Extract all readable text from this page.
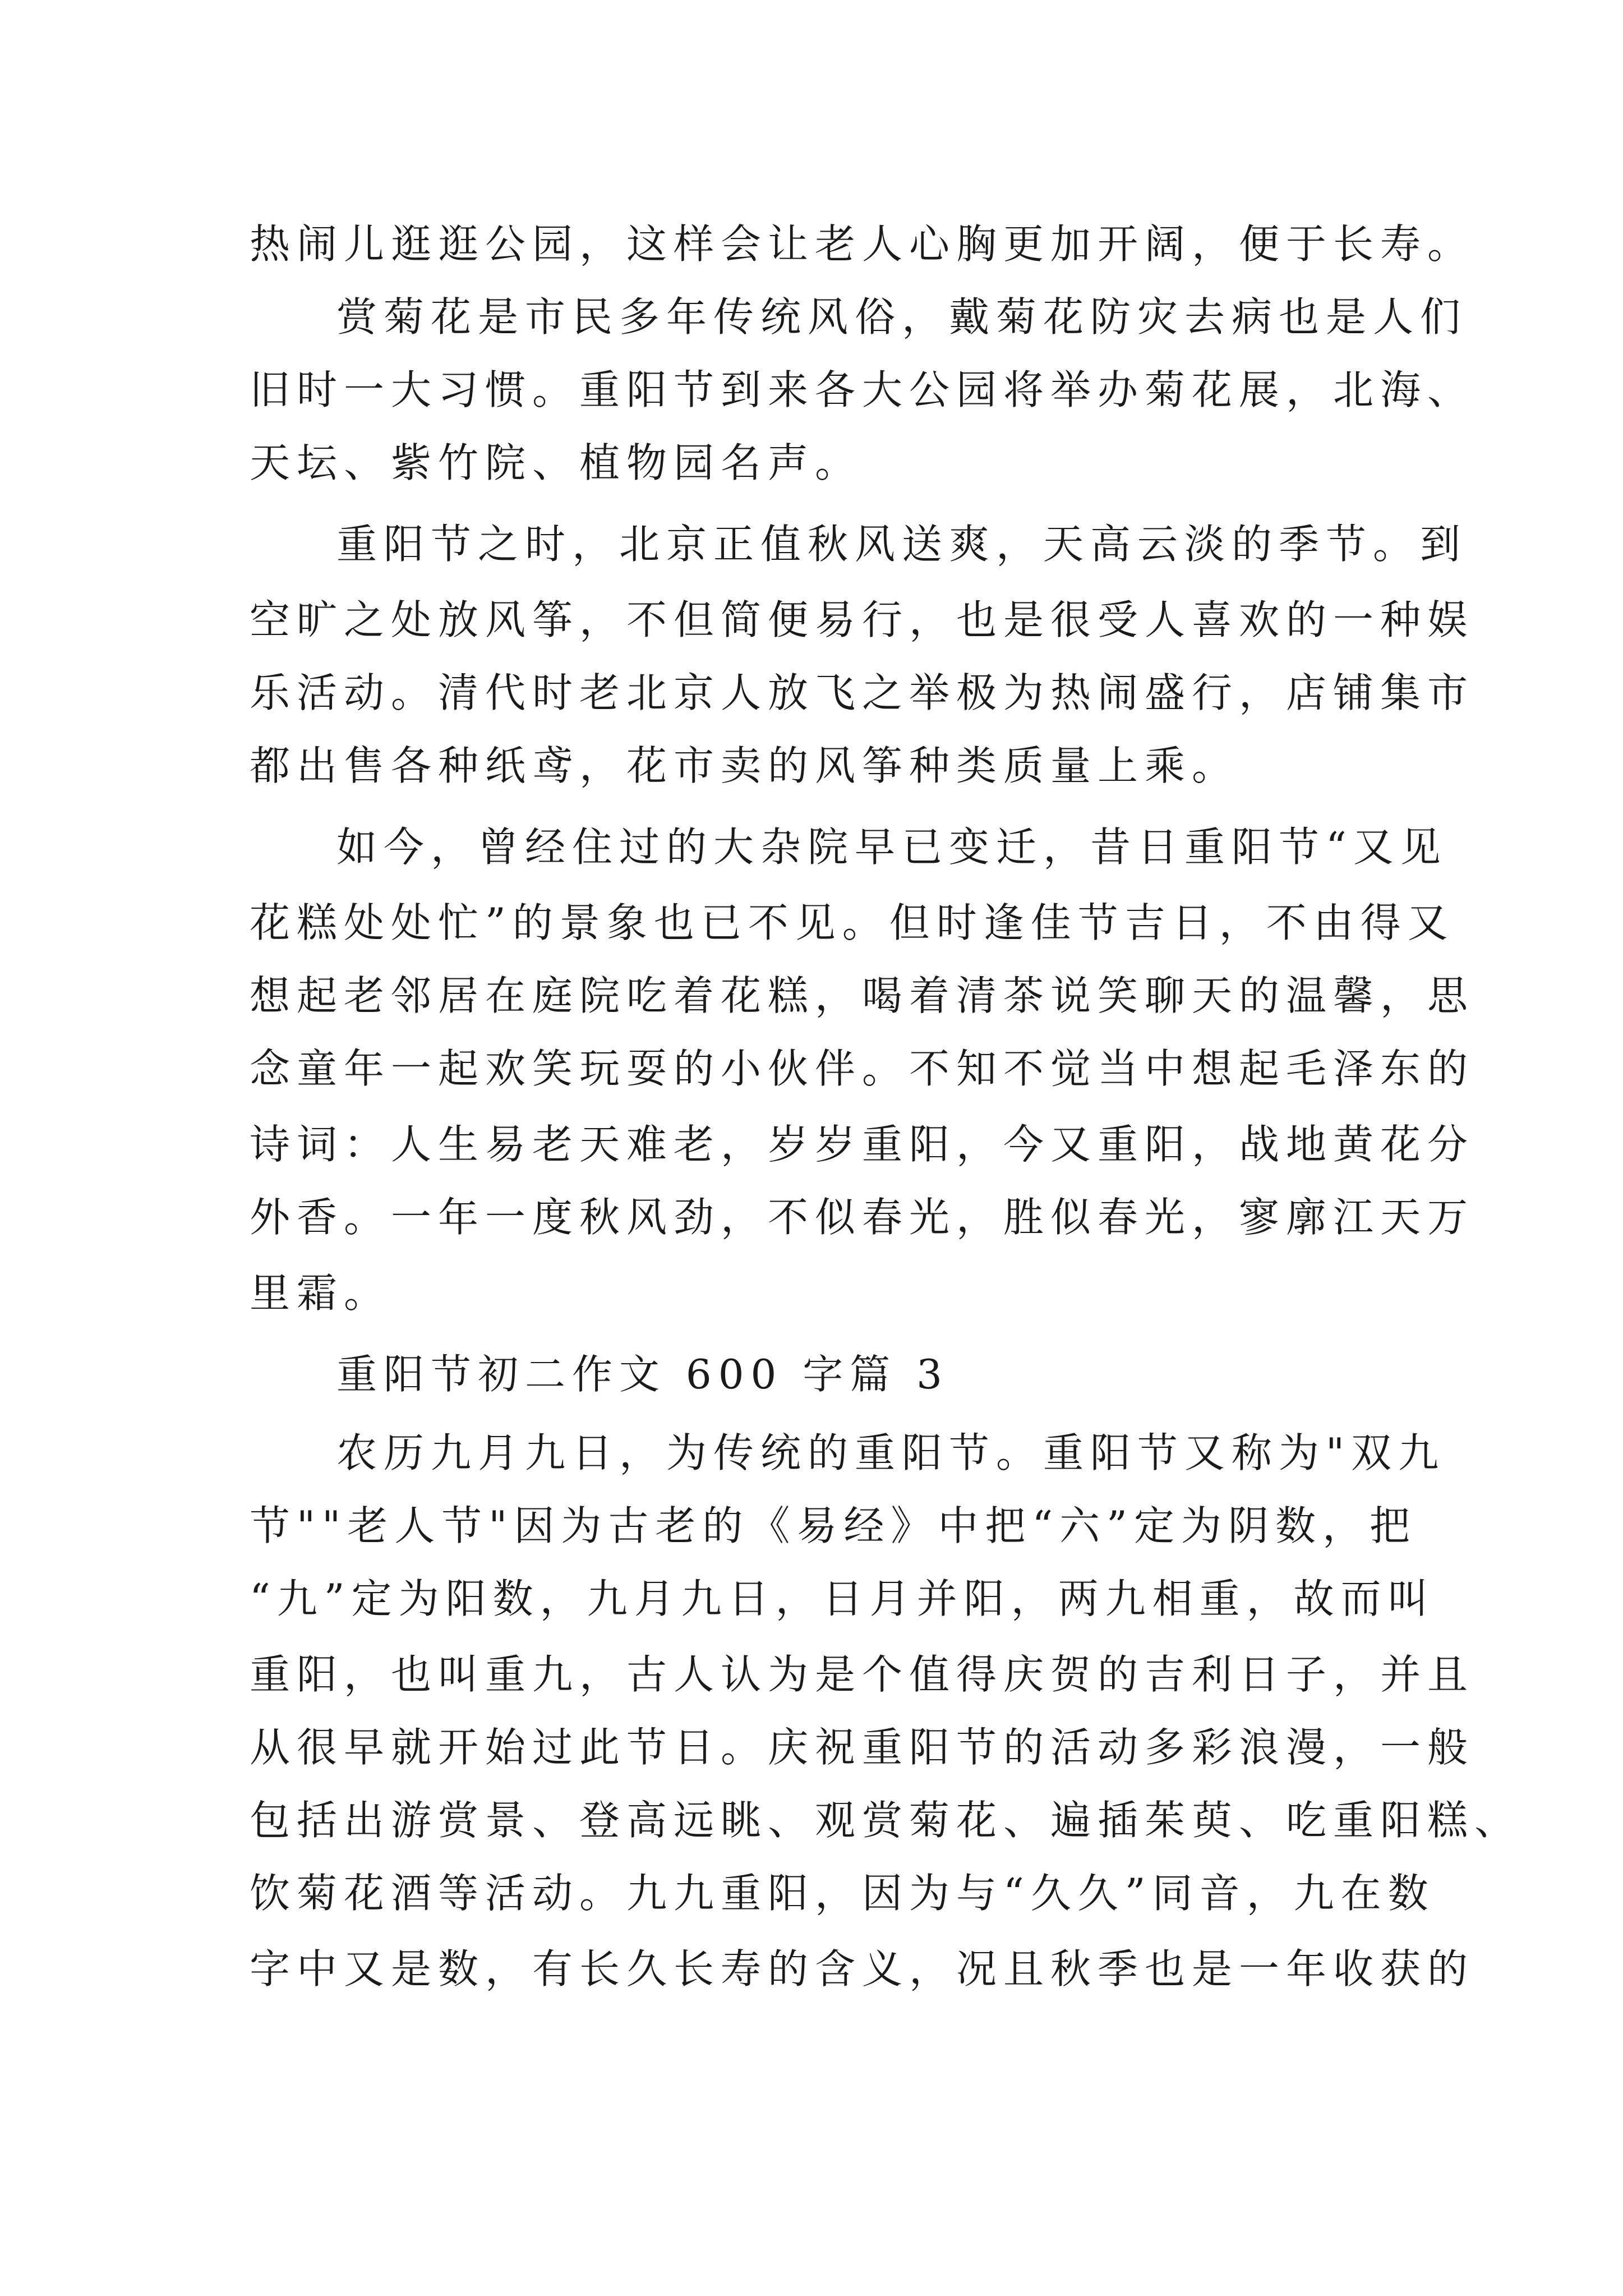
热闹儿逛逛公园，这样会让老人心胸更加开阔，便于长寿。

赏菊花是市民多年传统风俗，戴菊花防灾去病也是人们

旧时一大习惯。重阳节到来各大公园将举办菊花展，北海、

天坛、紫竹院、植物园名声。

重阳节之时，北京正值秋风送爽，天高云淡的季节。到

空旷之处放风筝，不但简便易行，也是很受人喜欢的一种娱

乐活动。清代时老北京人放飞之举极为热闹盛行，店铺集市

都出售各种纸鸢，花市卖的风筝种类质量上乘。

如今，曾经住过的大杂院早已变迁，昔日重阳节“又见

花糕处处忙”的景象也已不见。但时逢佳节吉日，不由得又

想起老邻居在庭院吃着花糕，喝着清茶说笑聊天的温馨，思

念童年一起欢笑玩耍的小伙伴。不知不觉当中想起毛泽东的

诗词：人生易老天难老，岁岁重阳，今又重阳，战地黄花分

外香。一年一度秋风劲，不似春光，胜似春光，寥廓江天万

里霜。

重阳节初二作文 600 字篇 3

农历九月九日，为传统的重阳节。重阳节又称为"双九

节""老人节"因为古老的《易经》中把“六”定为阴数，把

“九”定为阳数，九月九日，日月并阳，两九相重，故而叫

重阳，也叫重九，古人认为是个值得庆贺的吉利日子，并且

从很早就开始过此节日。庆祝重阳节的活动多彩浪漫，一般

包括出游赏景、登高远眺、观赏菊花、遍插茱萸、吃重阳糕、

饮菊花酒等活动。九九重阳，因为与“久久”同音，九在数

字中又是数，有长久长寿的含义，况且秋季也是一年收获的
